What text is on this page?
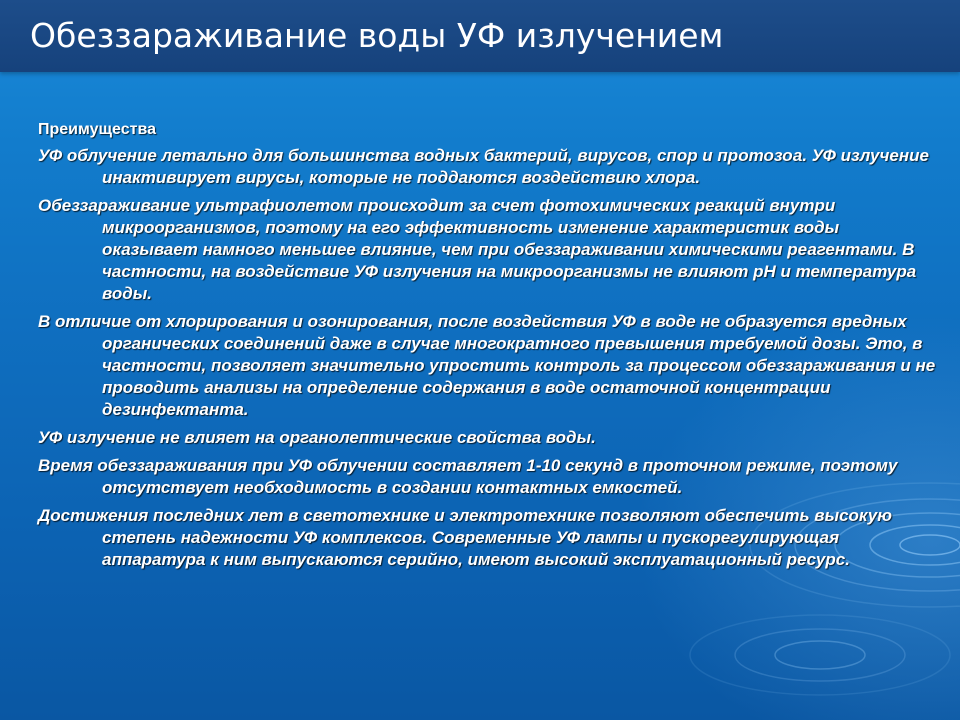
Обеззараживание воды УФ излучением

Преимущества

УФ облучение летально для большинства водных бактерий, вирусов, спор и протозоа. УФ излучение инактивирует вирусы, которые не поддаются воздействию хлора.

Обеззараживание ультрафиолетом происходит за счет фотохимических реакций внутри микроорганизмов, поэтому на его эффективность изменение характеристик воды оказывает намного меньшее влияние, чем при обеззараживании химическими реагентами. В частности, на воздействие УФ излучения на микроорганизмы не влияют pH и температура воды.

В отличие от хлорирования и озонирования, после воздействия УФ в воде не образуется вредных органических соединений даже в случае многократного превышения требуемой дозы. Это, в частности, позволяет значительно упростить контроль за процессом обеззараживания и не проводить анализы на определение содержания в воде остаточной концентрации дезинфектанта.

УФ излучение не влияет на органолептические свойства воды.

Время обеззараживания при УФ облучении составляет 1-10 секунд в проточном режиме, поэтому отсутствует необходимость в создании контактных емкостей.

Достижения последних лет в светотехнике и электротехнике позволяют обеспечить высокую степень надежности УФ комплексов. Современные УФ лампы и пускорегулирующая аппаратура к ним выпускаются серийно, имеют высокий эксплуатационный ресурс.
